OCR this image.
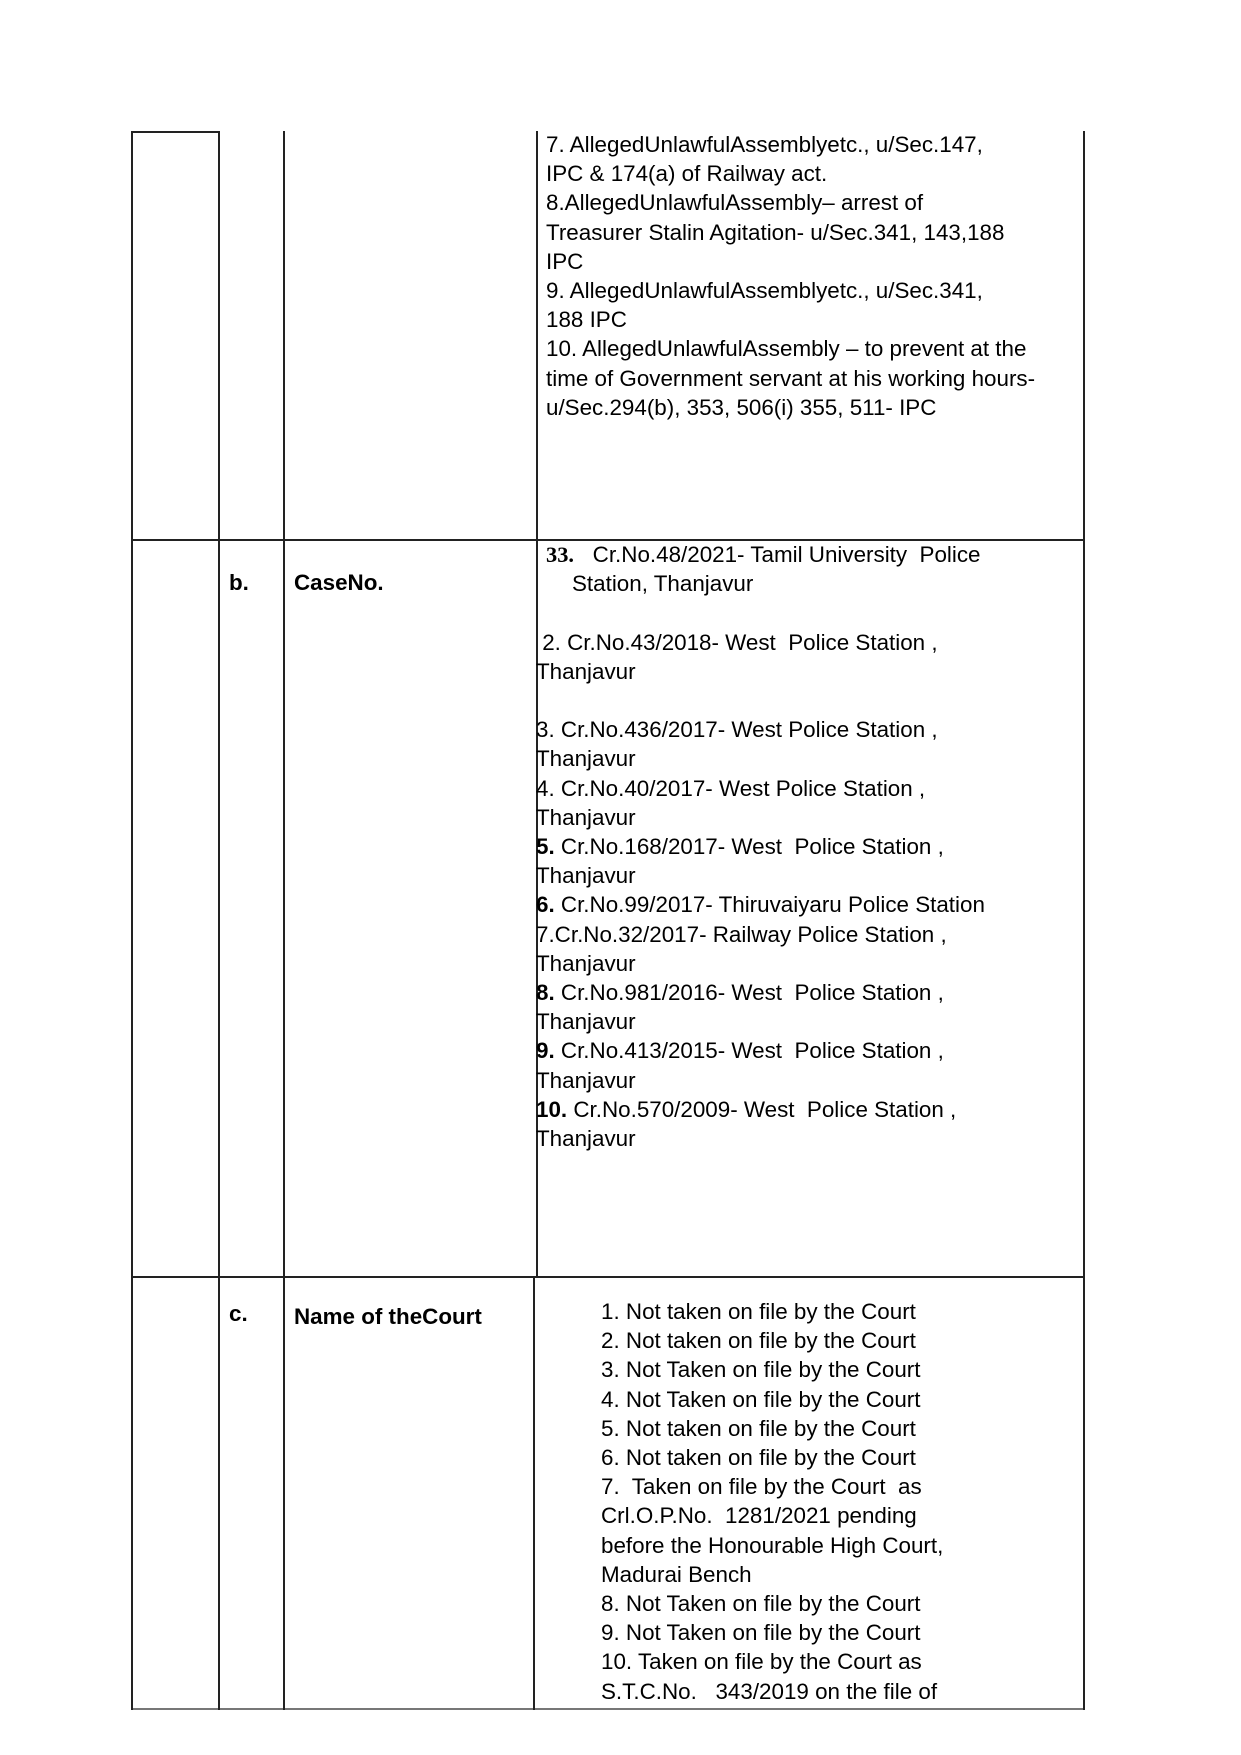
7. AllegedUnlawfulAssemblyetc., u/Sec.147,
IPC & 174(a) of Railway act.
8.AllegedUnlawfulAssembly– arrest of
Treasurer Stalin Agitation- u/Sec.341, 143,188
IPC
9. AllegedUnlawfulAssemblyetc., u/Sec.341,
188 IPC
10. AllegedUnlawfulAssembly – to prevent at the
time of Government servant at his working hours-
u/Sec.294(b), 353, 506(i) 355, 511- IPC
b. CaseNo.
33.   Cr.No.48/2021- Tamil University  Police
Station, Thanjavur
2. Cr.No.43/2018- West  Police Station ,
Thanjavur
3. Cr.No.436/2017- West Police Station ,
Thanjavur
4. Cr.No.40/2017- West Police Station ,
Thanjavur
5. Cr.No.168/2017- West  Police Station ,
Thanjavur
6. Cr.No.99/2017- Thiruvaiyaru Police Station
7.Cr.No.32/2017- Railway Police Station ,
Thanjavur
8. Cr.No.981/2016- West  Police Station ,
Thanjavur
9. Cr.No.413/2015- West  Police Station ,
Thanjavur
10. Cr.No.570/2009- West  Police Station ,
Thanjavur
c. Name of theCourt	1. Not taken on file by the Court
2. Not taken on file by the Court
3. Not Taken on file by the Court
4. Not Taken on file by the Court
5. Not taken on file by the Court
6. Not taken on file by the Court
7.  Taken on file by the Court  as
Crl.O.P.No.  1281/2021 pending
before the Honourable High Court,
Madurai Bench
8. Not Taken on file by the Court
9. Not Taken on file by the Court
10. Taken on file by the Court as
S.T.C.No.   343/2019 on the file of
